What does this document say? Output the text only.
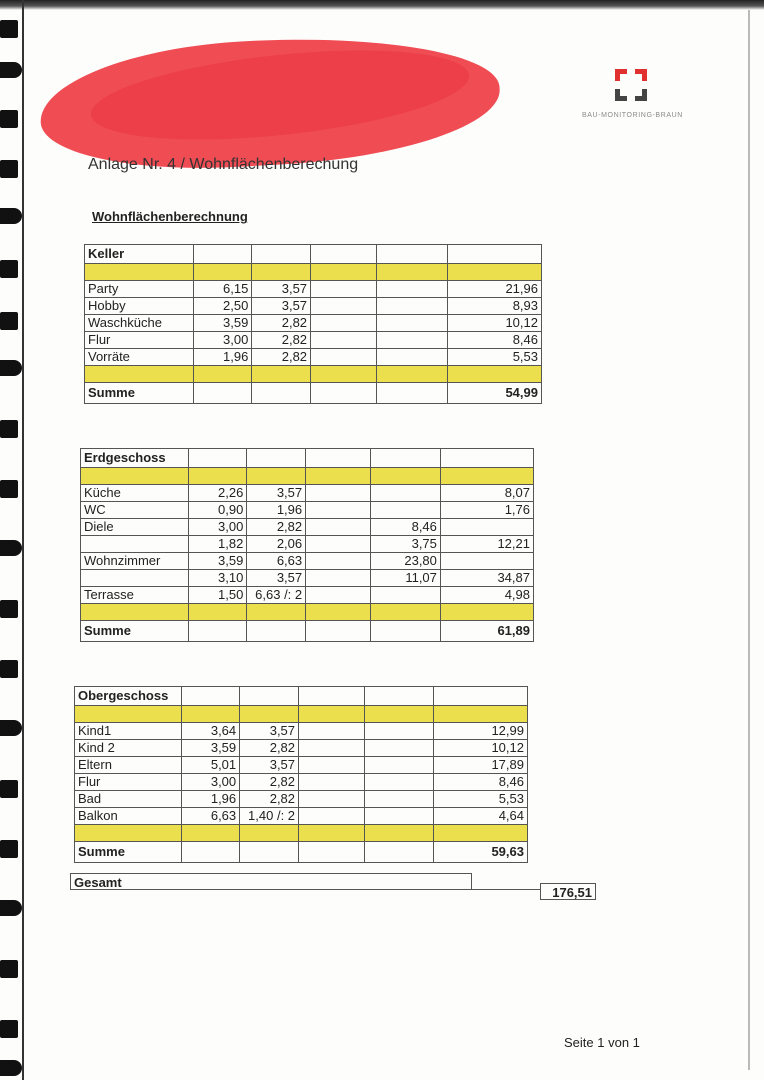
BAU-MONITORING-BRAUN
Anlage Nr. 4 / Wohnflächenberechung
Wohnflächenberechnung
Keller					

Party	6,15	3,57			21,96
Hobby	2,50	3,57			8,93
Waschküche	3,59	2,82			10,12
Flur	3,00	2,82			8,46
Vorräte	1,96	2,82			5,53

Summe					54,99
Erdgeschoss					

Küche	2,26	3,57			8,07
WC	0,90	1,96			1,76
Diele	3,00	2,82		8,46	
	1,82	2,06		3,75	12,21
Wohnzimmer	3,59	6,63		23,80	
	3,10	3,57		11,07	34,87
Terrasse	1,50	6,63 /: 2			4,98

Summe					61,89
Obergeschoss					

Kind1	3,64	3,57			12,99
Kind 2	3,59	2,82			10,12
Eltern	5,01	3,57			17,89
Flur	3,00	2,82			8,46
Bad	1,96	2,82			5,53
Balkon	6,63	1,40 /: 2			4,64

Summe					59,63
Gesamt
176,51
Seite 1 von 1
